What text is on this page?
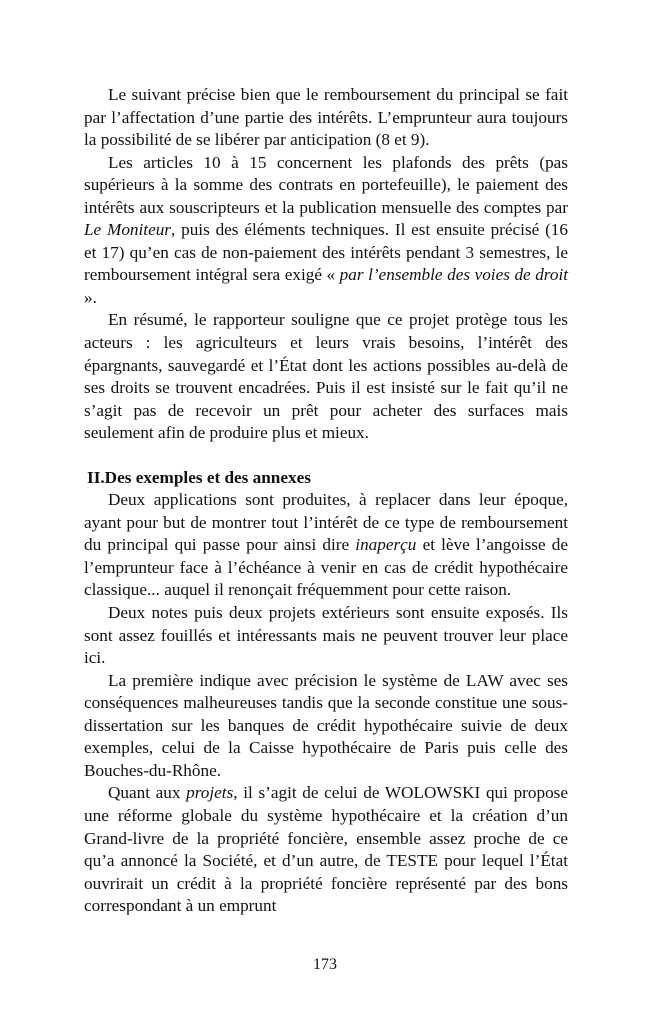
Le suivant précise bien que le remboursement du principal se fait par l’affectation d’une partie des intérêts. L’emprunteur aura toujours la possibilité de se libérer par anticipation (8 et 9).

Les articles 10 à 15 concernent les plafonds des prêts (pas supérieurs à la somme des contrats en portefeuille), le paiement des intérêts aux souscripteurs et la publication mensuelle des comptes par Le Moniteur, puis des éléments techniques. Il est ensuite précisé (16 et 17) qu’en cas de non-paiement des intérêts pendant 3 semestres, le remboursement intégral sera exigé « par l’ensemble des voies de droit ».

En résumé, le rapporteur souligne que ce projet protège tous les acteurs : les agriculteurs et leurs vrais besoins, l’intérêt des épargnants, sauvegardé et l’État dont les actions possibles au-delà de ses droits se trouvent encadrées. Puis il est insisté sur le fait qu’il ne s’agit pas de recevoir un prêt pour acheter des surfaces mais seulement afin de produire plus et mieux.

II.Des exemples et des annexes

Deux applications sont produites, à replacer dans leur époque, ayant pour but de montrer tout l’intérêt de ce type de remboursement du principal qui passe pour ainsi dire inaperçu et lève l’angoisse de l’emprunteur face à l’échéance à venir en cas de crédit hypothécaire classique... auquel il renonçait fréquemment pour cette raison.

Deux notes puis deux projets extérieurs sont ensuite exposés. Ils sont assez fouillés et intéressants mais ne peuvent trouver leur place ici.

La première indique avec précision le système de LAW avec ses conséquences malheureuses tandis que la seconde constitue une sous-dissertation sur les banques de crédit hypothécaire suivie de deux exemples, celui de la Caisse hypothécaire de Paris puis celle des Bouches-du-Rhône.

Quant aux projets, il s’agit de celui de WOLOWSKI qui propose une réforme globale du système hypothécaire et la création d’un Grand-livre de la propriété foncière, ensemble assez proche de ce qu’a annoncé la Société, et d’un autre, de TESTE pour lequel l’État ouvrirait un crédit à la propriété foncière représenté par des bons correspondant à un emprunt

173
